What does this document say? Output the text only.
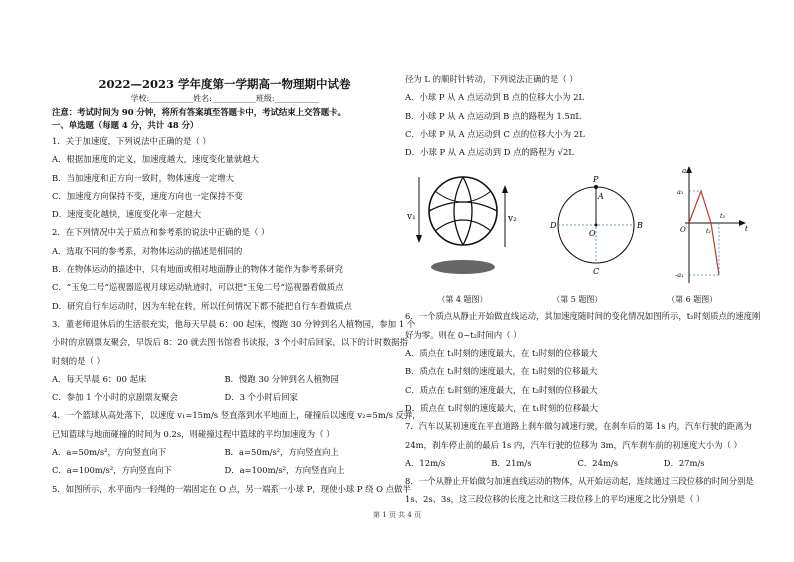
2022—2023 学年度第一学期高一物理期中试卷
学校:___________姓名:___________班级:___________
注意：考试时间为 90 分钟，将所有答案填至答题卡中，考试结束上交答题卡。
一、单选题（每题 4 分，共计 48 分）
1．关于加速度，下列说法中正确的是（ ）
A．根据加速度的定义，加速度越大，速度变化量就越大
B．当加速度和正方向一致时，物体速度一定增大
C．加速度方向保持不变，速度方向也一定保持不变
D．速度变化越快，速度变化率一定越大
2．在下列情况中关于质点和参考系的说法中正确的是（ ）
A．选取不同的参考系，对物体运动的描述是相同的
B．在物体运动的描述中，只有地面或相对地面静止的物体才能作为参考系研究
C．“玉兔二号”巡视器巡视月球运动轨迹时，可以把“玉兔二号”巡视器看做质点
D．研究自行车运动时，因为车轮在转，所以任何情况下都不能把自行车看做质点
3．董老师退休后的生活很充实，他每天早晨 6：00 起床，慢跑 30 分钟到名人植物园，参加 1 个
小时的京剧票友聚会，早饭后 8：20 就去图书馆看书读报，3 个小时后回家，以下的计时数据指
时刻的是（ ）
A．每天早晨 6：00 起床	B．慢跑 30 分钟到名人植物园
C．参加 1 个小时的京剧票友聚会	D．3 个小时后回家
4．一个篮球从高处落下，以速度 v₁=15m/s 竖直落到水平地面上，碰撞后以速度 v₂=5m/s 反弹，
已知篮球与地面碰撞的时间为 0.2s，则碰撞过程中篮球的平均加速度为（ ）
A．a=50m/s²，方向竖直向下	B．a=50m/s²，方向竖直向上
C．a=100m/s²，方向竖直向下	D．a=100m/s²，方向竖直向上
5．如图所示，水平面内一轻绳的一端固定在 O 点，另一端系一小球 P，现使小球 P 绕 O 点做半
径为 L 的顺时针转动，下列说法正确的是（ ）
A．小球 P 从 A 点运动到 B 点的位移大小为 2L
B．小球 P 从 A 点运动到 B 点的路程为 1.5πL
C．小球 P 从 A 点运动到 C 点的位移大小为 2L
D．小球 P 从 A 点运动到 D 点的路程为 √2L
v₁	v₂
P
A
B
C
D
O
a
a₁
-a₁
O	t₁
t₂
t
（第 4 题图）	（第 5 题图）	（第 6 题图）
6．一个质点从静止开始做直线运动，其加速度随时间的变化情况如图所示，t₂时刻质点的速度刚
好为零。则在 0~t₂时间内（ ）
A．质点在 t₁时刻的速度最大，在 t₂时刻的位移最大
B．质点在 t₁时刻的速度最大，在 t₁时刻的位移最大
C．质点在 t₂时刻的速度最大，在 t₂时刻的位移最大
D．质点在 t₂时刻的速度最大，在 t₁时刻的位移最大
7．汽车以某初速度在平直道路上刹车做匀减速行驶，在刹车后的第 1s 内，汽车行驶的距离为
24m，刹车停止前的最后 1s 内，汽车行驶的位移为 3m，汽车刹车前的初速度大小为（ ）
A．12m/s	B．21m/s	C．24m/s	D．27m/s
8．一个从静止开始做匀加速直线运动的物体，从开始运动起，连续通过三段位移的时间分别是
1s、2s、3s，这三段位移的长度之比和这三段位移上的平均速度之比分别是（ ）
第 1 页 共 4 页
